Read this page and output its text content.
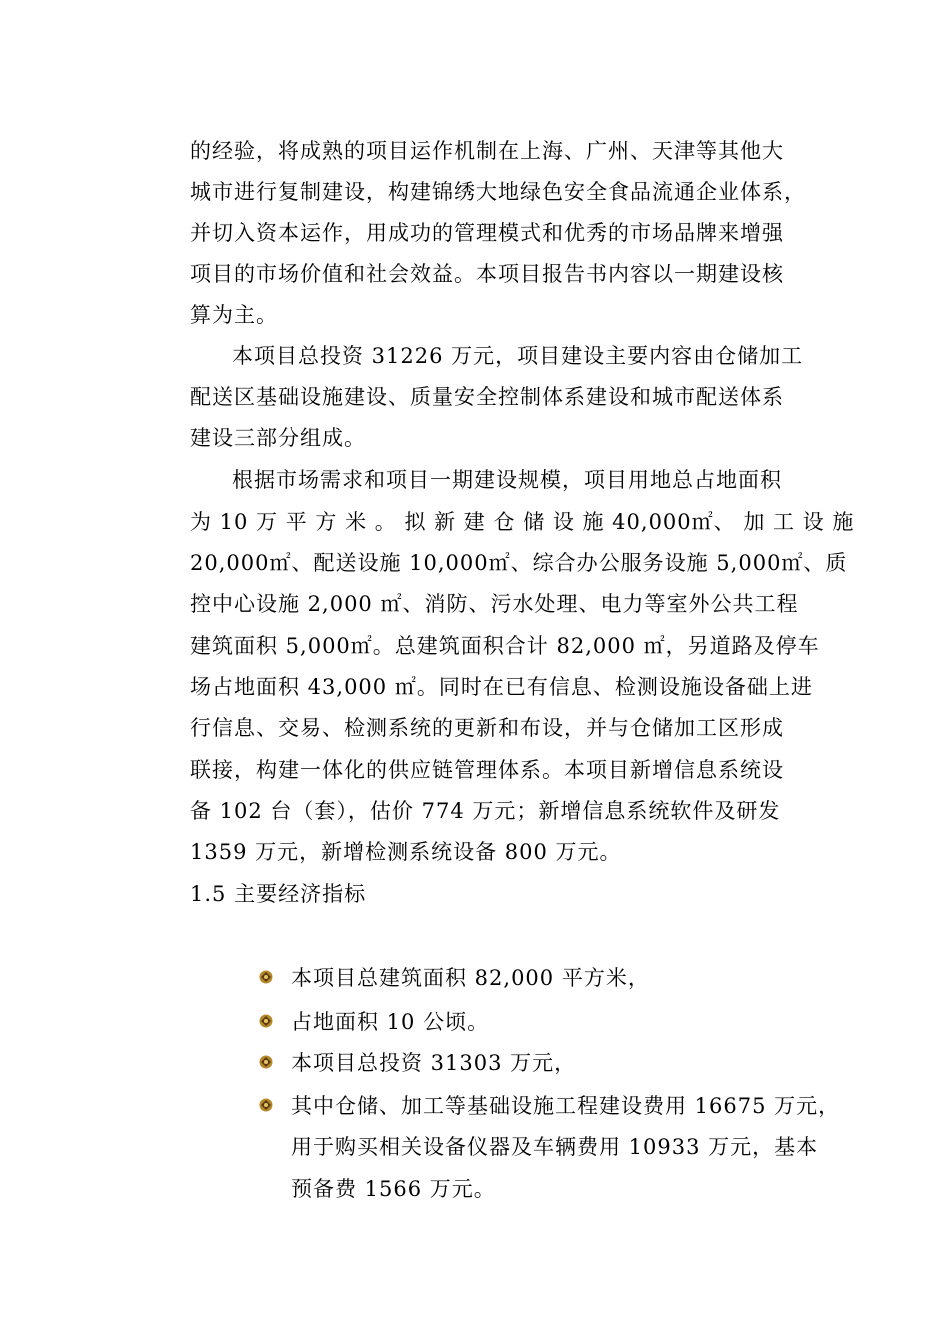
的经验，将成熟的项目运作机制在上海、广州、天津等其他大
城市进行复制建设，构建锦绣大地绿色安全食品流通企业体系，
并切入资本运作，用成功的管理模式和优秀的市场品牌来增强
项目的市场价值和社会效益。本项目报告书内容以一期建设核
算为主。
本项目总投资 31226 万元，项目建设主要内容由仓储加工
配送区基础设施建设、质量安全控制体系建设和城市配送体系
建设三部分组成。
根据市场需求和项目一期建设规模，项目用地总占地面积
为 10 万 平 方 米 。 拟 新 建 仓 储 设 施 40,000㎡、 加 工 设 施
20,000㎡、配送设施 10,000㎡、综合办公服务设施 5,000㎡、质
控中心设施 2,000 ㎡、消防、污水处理、电力等室外公共工程
建筑面积 5,000㎡。总建筑面积合计 82,000 ㎡，另道路及停车
场占地面积 43,000 ㎡。同时在已有信息、检测设施设备础上进
行信息、交易、检测系统的更新和布设，并与仓储加工区形成
联接，构建一体化的供应链管理体系。本项目新增信息系统设
备 102 台（套），估价 774 万元；新增信息系统软件及研发
1359 万元，新增检测系统设备 800 万元。
1.5 主要经济指标
本项目总建筑面积 82,000 平方米，
占地面积 10 公顷。
本项目总投资 31303 万元，
其中仓储、加工等基础设施工程建设费用 16675 万元，
用于购买相关设备仪器及车辆费用 10933 万元，基本
预备费 1566 万元。
